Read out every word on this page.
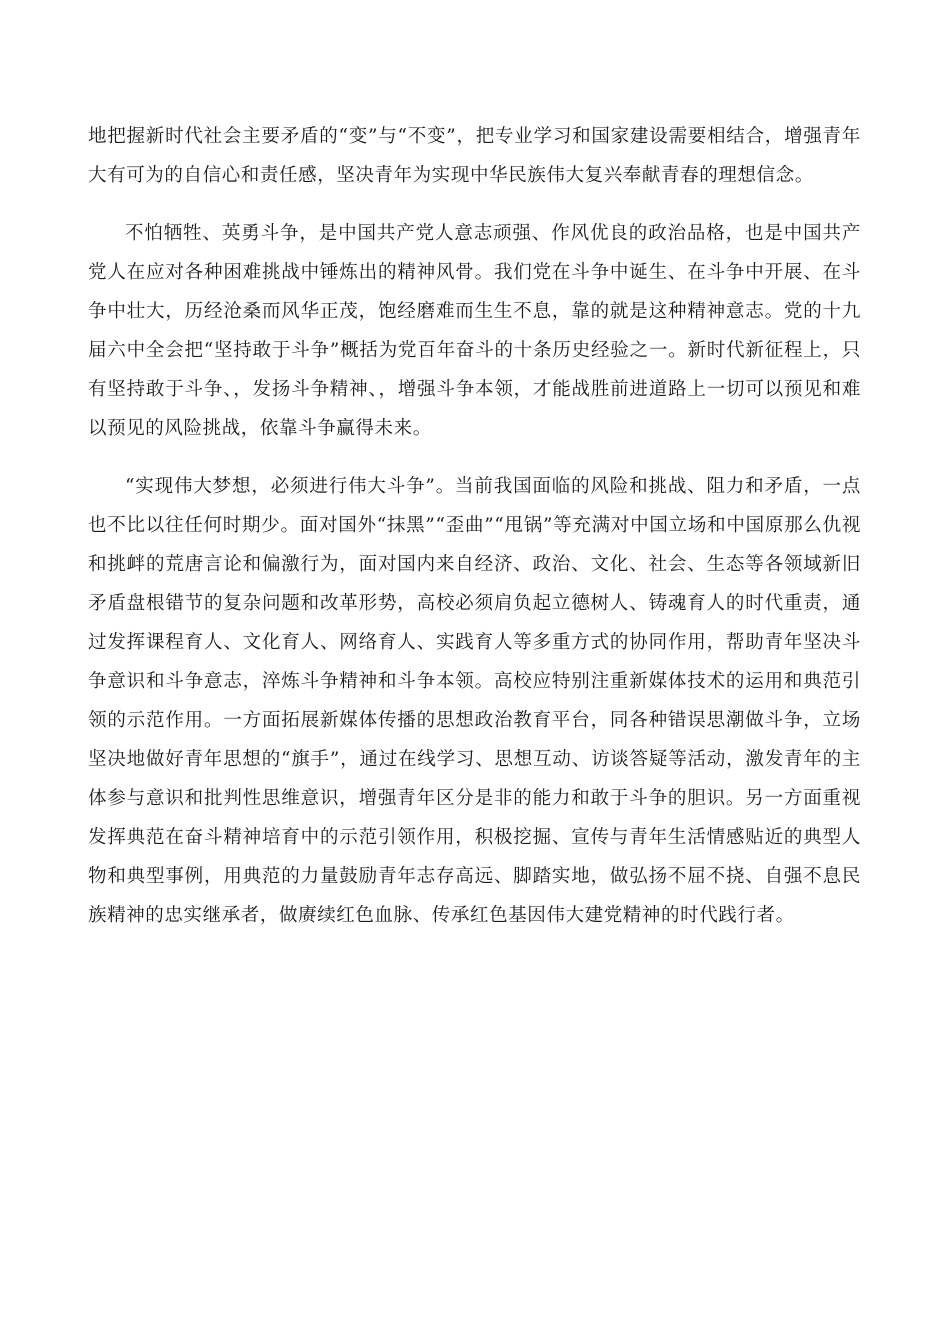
地把握新时代社会主要矛盾的“变”与“不变”，把专业学习和国家建设需要相结合，增强青年大有可为的自信心和责任感，坚决青年为实现中华民族伟大复兴奉献青春的理想信念。

不怕牺牲、英勇斗争，是中国共产党人意志顽强、作风优良的政治品格，也是中国共产党人在应对各种困难挑战中锤炼出的精神风骨。我们党在斗争中诞生、在斗争中开展、在斗争中壮大，历经沧桑而风华正茂，饱经磨难而生生不息，靠的就是这种精神意志。党的十九届六中全会把“坚持敢于斗争”概括为党百年奋斗的十条历史经验之一。新时代新征程上，只有坚持敢于斗争、，发扬斗争精神、，增强斗争本领，才能战胜前进道路上一切可以预见和难以预见的风险挑战，依靠斗争赢得未来。

“实现伟大梦想，必须进行伟大斗争”。当前我国面临的风险和挑战、阻力和矛盾，一点也不比以往任何时期少。面对国外“抹黑”“歪曲”“甩锅”等充满对中国立场和中国原那么仇视和挑衅的荒唐言论和偏激行为，面对国内来自经济、政治、文化、社会、生态等各领域新旧矛盾盘根错节的复杂问题和改革形势，高校必须肩负起立德树人、铸魂育人的时代重责，通过发挥课程育人、文化育人、网络育人、实践育人等多重方式的协同作用，帮助青年坚决斗争意识和斗争意志，淬炼斗争精神和斗争本领。高校应特别注重新媒体技术的运用和典范引领的示范作用。一方面拓展新媒体传播的思想政治教育平台，同各种错误思潮做斗争，立场坚决地做好青年思想的“旗手”，通过在线学习、思想互动、访谈答疑等活动，激发青年的主体参与意识和批判性思维意识，增强青年区分是非的能力和敢于斗争的胆识。另一方面重视发挥典范在奋斗精神培育中的示范引领作用，积极挖掘、宣传与青年生活情感贴近的典型人物和典型事例，用典范的力量鼓励青年志存高远、脚踏实地，做弘扬不屈不挠、自强不息民族精神的忠实继承者，做赓续红色血脉、传承红色基因伟大建党精神的时代践行者。
